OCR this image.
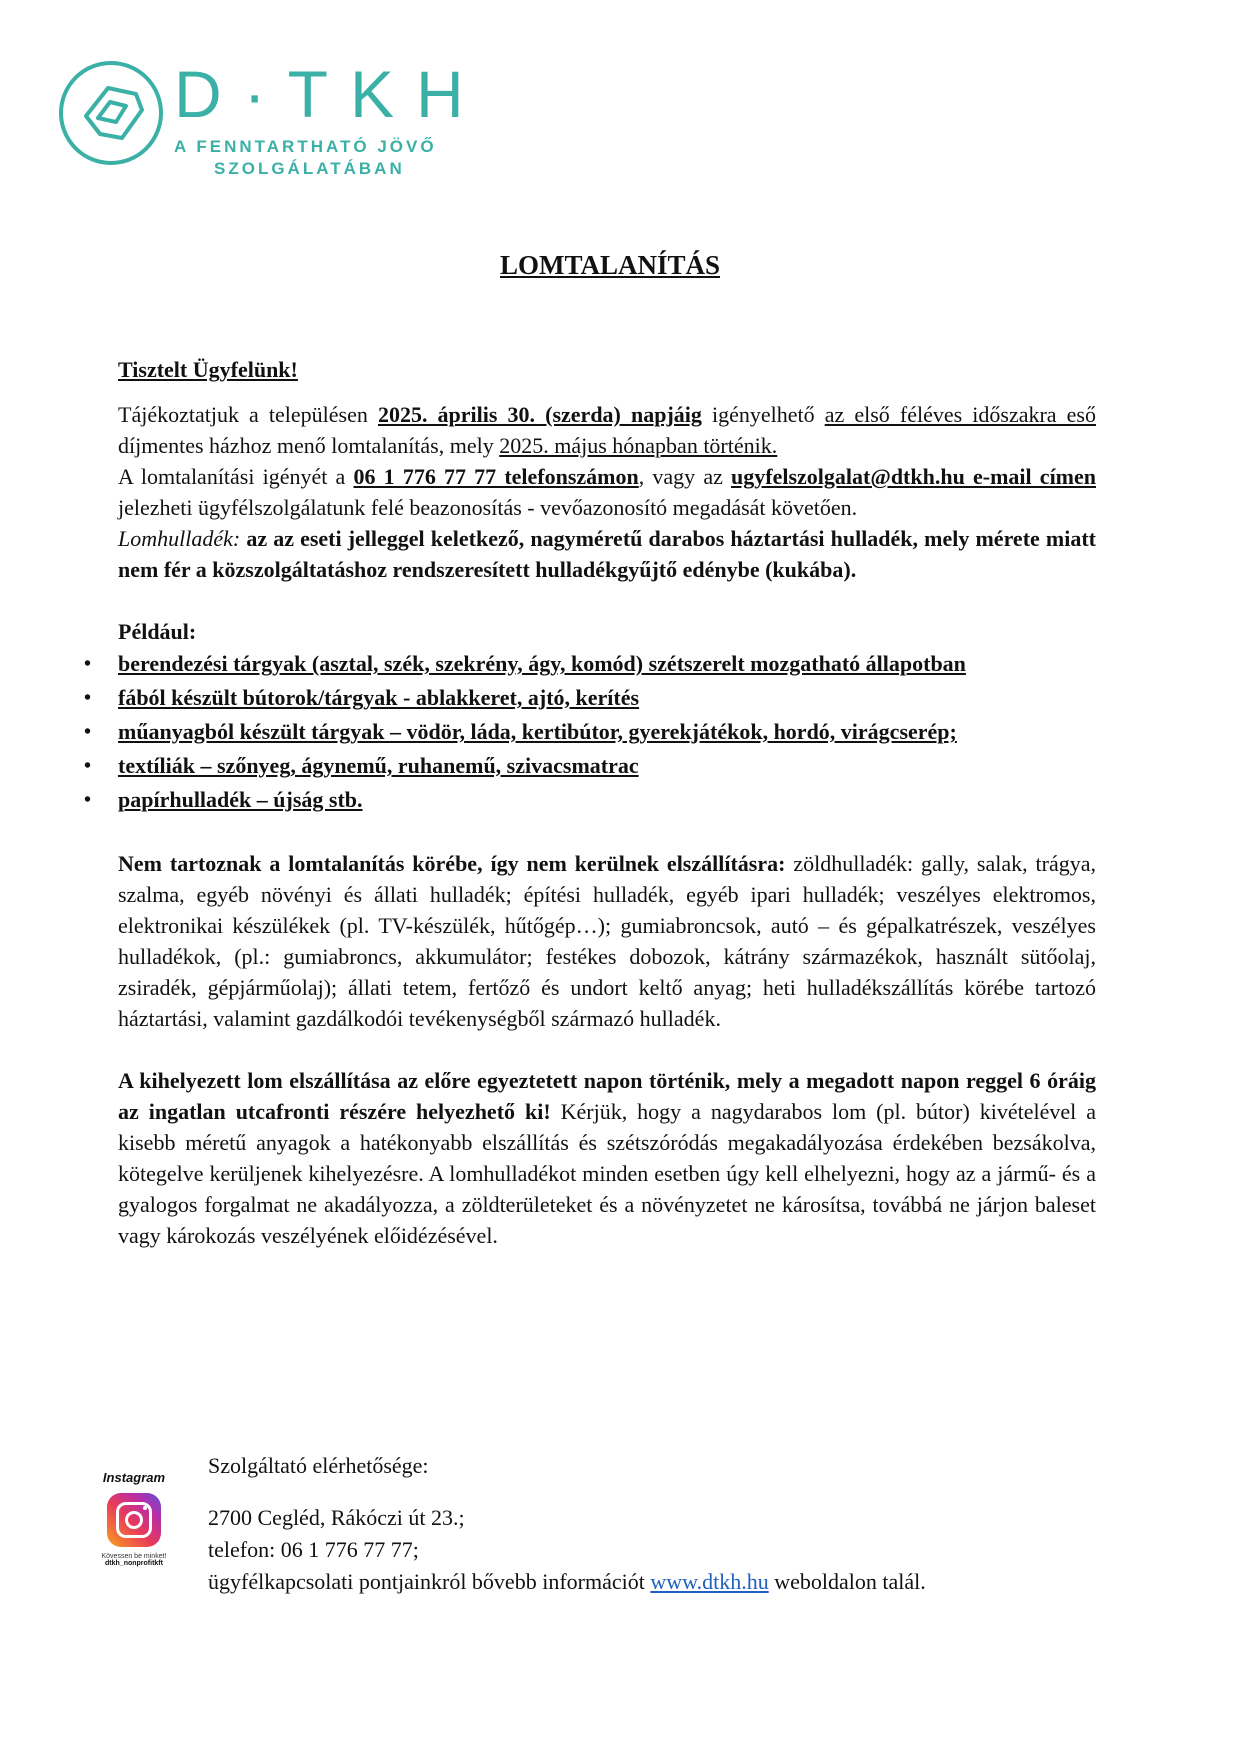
D·TKH
A FENNTARTHATÓ JÖVŐ
SZOLGÁLATÁBAN
LOMTALANÍTÁS

Tisztelt Ügyfelünk!

Tájékoztatjuk a településen 2025. április 30. (szerda) napjáig igényelhető az első féléves időszakra eső díjmentes házhoz menő lomtalanítás, mely 2025. május hónapban történik.

A lomtalanítási igényét a 06 1 776 77 77 telefonszámon, vagy az ugyfelszolgalat@dtkh.hu e-mail címen jelezheti ügyfélszolgálatunk felé beazonosítás - vevőazonosító megadását követően.

Lomhulladék: az az eseti jelleggel keletkező, nagyméretű darabos háztartási hulladék, mely mérete miatt nem fér a közszolgáltatáshoz rendszeresített hulladékgyűjtő edénybe (kukába).

Például:

• berendezési tárgyak (asztal, szék, szekrény, ágy, komód) szétszerelt mozgatható állapotban
• fából készült bútorok/tárgyak - ablakkeret, ajtó, kerítés
• műanyagból készült tárgyak – vödör, láda, kertibútor, gyerekjátékok, hordó, virágcserép;
• textíliák – szőnyeg, ágynemű, ruhanemű, szivacsmatrac
• papírhulladék – újság stb.

Nem tartoznak a lomtalanítás körébe, így nem kerülnek elszállításra: zöldhulladék: gally, salak, trágya, szalma, egyéb növényi és állati hulladék; építési hulladék, egyéb ipari hulladék; veszélyes elektromos, elektronikai készülékek (pl. TV-készülék, hűtőgép…); gumiabroncsok, autó – és gépalkatrészek, veszélyes hulladékok, (pl.: gumiabroncs, akkumulátor; festékes dobozok, kátrány származékok, használt sütőolaj, zsiradék, gépjárműolaj); állati tetem, fertőző és undort keltő anyag; heti hulladékszállítás körébe tartozó háztartási, valamint gazdálkodói tevékenységből származó hulladék.

A kihelyezett lom elszállítása az előre egyeztetett napon történik, mely a megadott napon reggel 6 óráig az ingatlan utcafronti részére helyezhető ki! Kérjük, hogy a nagydarabos lom (pl. bútor) kivételével a kisebb méretű anyagok a hatékonyabb elszállítás és szétszóródás megakadályozása érdekében bezsákolva, kötegelve kerüljenek kihelyezésre. A lomhulladékot minden esetben úgy kell elhelyezni, hogy az a jármű- és a gyalogos forgalmat ne akadályozza, a zöldterületeket és a növényzetet ne károsítsa, továbbá ne járjon baleset vagy károkozás veszélyének előidézésével.

Instagram
Kövessen be minket!
dtkh_nonprofitkft

Szolgáltató elérhetősége:

2700 Cegléd, Rákóczi út 23.;

telefon: 06 1 776 77 77;

ügyfélkapcsolati pontjainkról bővebb információt www.dtkh.hu weboldalon talál.
